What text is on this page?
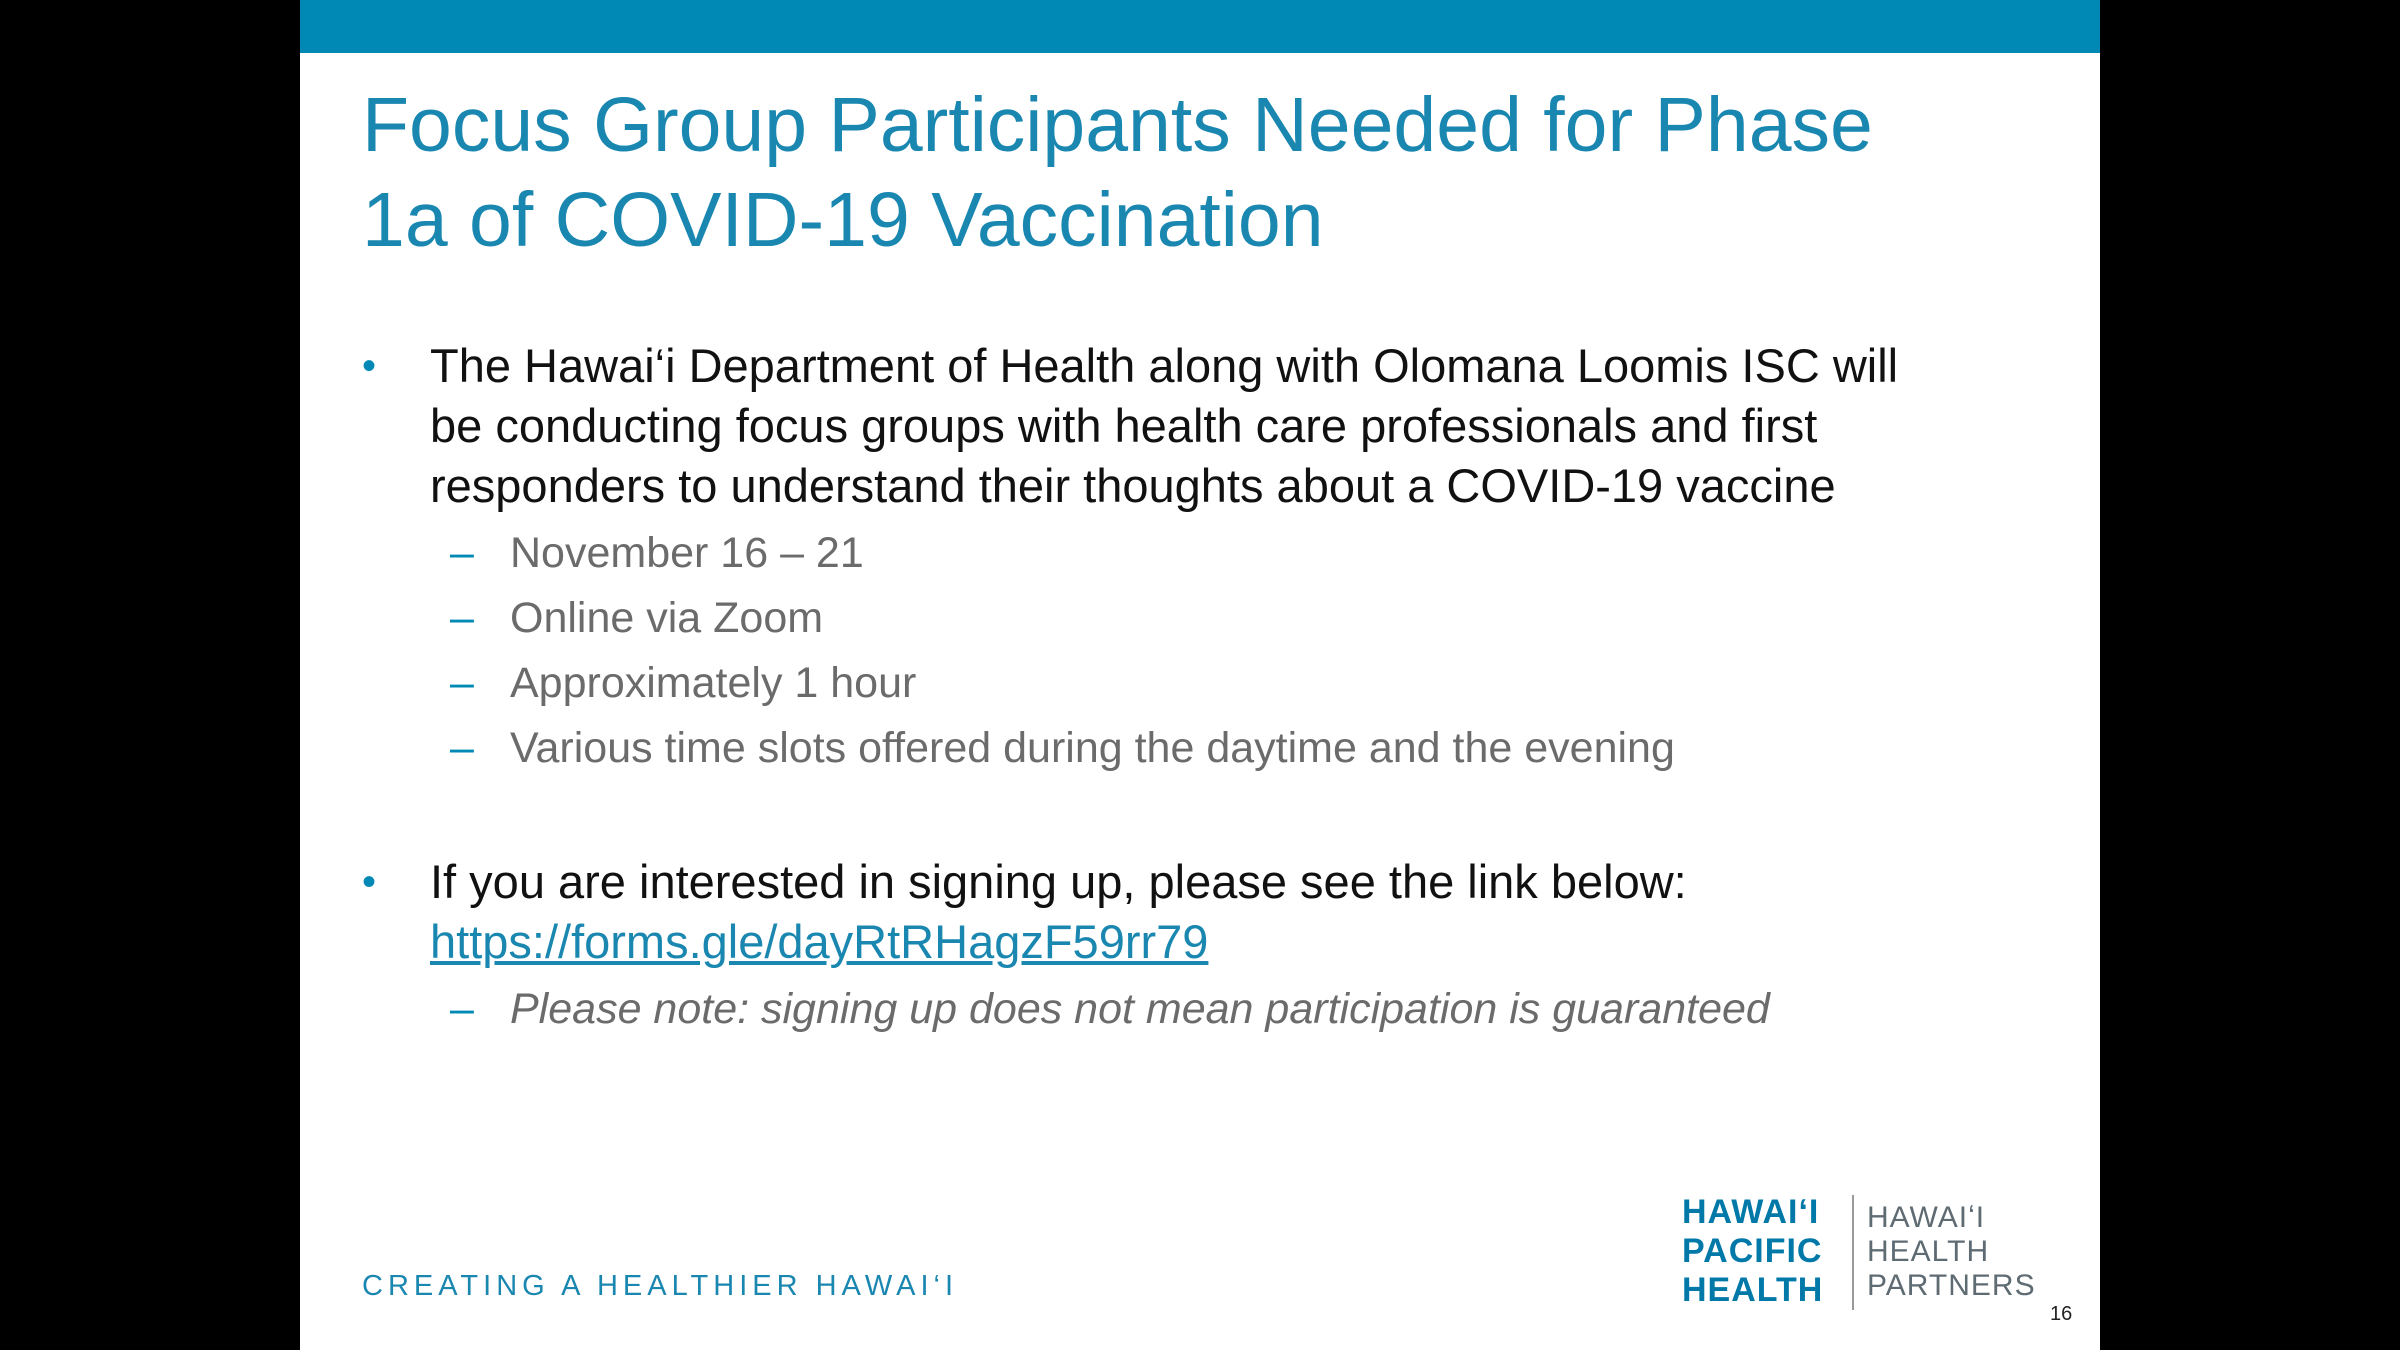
Focus Group Participants Needed for Phase
1a of COVID-19 Vaccination
•	The Hawai‘i Department of Health along with Olomana Loomis ISC will
be conducting focus groups with health care professionals and first
responders to understand their thoughts about a COVID-19 vaccine
– November 16 – 21
– Online via Zoom
– Approximately 1 hour
– Various time slots offered during the daytime and the evening
•	If you are interested in signing up, please see the link below:
https://forms.gle/dayRtRHagzF59rr79
– Please note: signing up does not mean participation is guaranteed
CREATING A HEALTHIER HAWAI‘I
HAWAIʻI
PACIFIC
HEALTH
HAWAIʻI
HEALTH
PARTNERS
16
